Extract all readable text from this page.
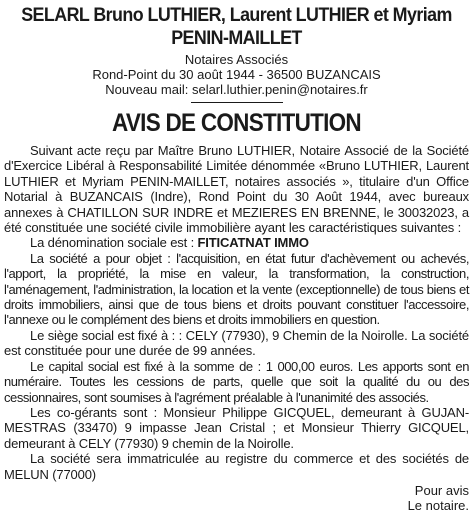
SELARL Bruno LUTHIER, Laurent LUTHIER et Myriam
PENIN-MAILLET
Notaires Associés
Rond-Point du 30 août 1944 - 36500 BUZANCAIS
Nouveau mail: selarl.luthier.penin@notaires.fr
AVIS DE CONSTITUTION

Suivant acte reçu par Maître Bruno LUTHIER, Notaire Associé de la Société d'Exercice Libéral à Responsabilité Limitée dénommée «Bruno LUTHIER, Laurent LUTHIER et Myriam PENIN-MAILLET, notaires associés », titulaire d'un Office Notarial à BUZANCAIS (Indre), Rond Point du 30 Août 1944, avec bureaux annexes à CHATILLON SUR INDRE et MEZIERES EN BRENNE, le 30032023, a été constituée une société civile immobilière ayant les caractéristiques suivantes :

La dénomination sociale est : FITICATNAT IMMO

La société a pour objet : l'acquisition, en état futur d'achèvement ou achevés, l'apport, la propriété, la mise en valeur, la transformation, la construction, l'aménagement, l'administration, la location et la vente (exceptionnelle) de tous biens et droits immobiliers, ainsi que de tous biens et droits pouvant constituer l'accessoire, l'annexe ou le complément des biens et droits immobiliers en question.

Le siège social est fixé à : : CELY (77930), 9 Chemin de la Noirolle. La société est constituée pour une durée de 99 années.

Le capital social est fixé à la somme de : 1 000,00 euros. Les apports sont en numéraire. Toutes les cessions de parts, quelle que soit la qualité du ou des cessionnaires, sont soumises à l'agrément préalable à l'unanimité des associés.

Les co-gérants sont : Monsieur Philippe GICQUEL, demeurant à GUJAN-MESTRAS (33470) 9 impasse Jean Cristal ; et Monsieur Thierry GICQUEL, demeurant à CELY (77930) 9 chemin de la Noirolle.

La société sera immatriculée au registre du commerce et des sociétés de MELUN (77000)

Pour avis
Le notaire.
